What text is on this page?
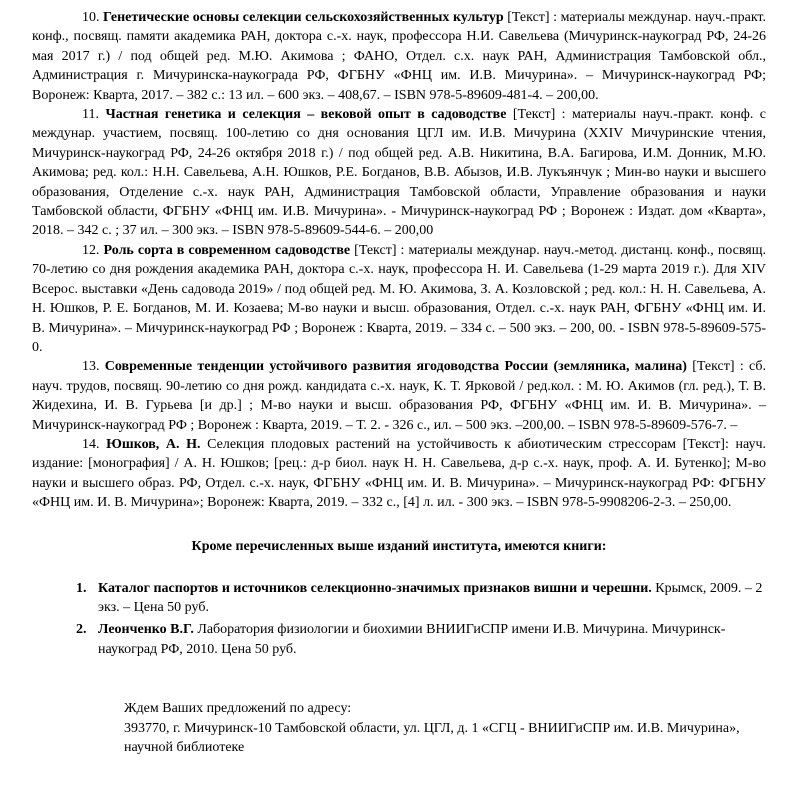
10. Генетические основы селекции сельскохозяйственных культур [Текст] : материалы междунар. науч.-практ. конф., посвящ. памяти академика РАН, доктора с.-х. наук, профессора Н.И. Савельева (Мичуринск-наукоград РФ, 24-26 мая 2017 г.) / под общей ред. М.Ю. Акимова ; ФАНО, Отдел. с.х. наук РАН, Администрация Тамбовской обл., Администрация г. Мичуринска-наукограда РФ, ФГБНУ «ФНЦ им. И.В. Мичурина». – Мичуринск-наукоград РФ; Воронеж: Кварта, 2017. – 382 с.: 13 ил. – 600 экз. – 408,67. – ISBN 978-5-89609-481-4. – 200,00.

11. Частная генетика и селекция – вековой опыт в садоводстве [Текст] : материалы науч.-практ. конф. с междунар. участием, посвящ. 100-летию со дня основания ЦГЛ им. И.В. Мичурина (XXIV Мичуринские чтения, Мичуринск-наукоград РФ, 24-26 октября 2018 г.) / под общей ред. А.В. Никитина, В.А. Багирова, И.М. Донник, М.Ю. Акимова; ред. кол.: Н.Н. Савельева, А.Н. Юшков, Р.Е. Богданов, В.В. Абызов, И.В. Лукъянчук ; Мин-во науки и высшего образования, Отделение с.-х. наук РАН, Администрация Тамбовской области, Управление образования и науки Тамбовской области, ФГБНУ «ФНЦ им. И.В. Мичурина». - Мичуринск-наукоград РФ ; Воронеж : Издат. дом «Кварта», 2018. – 342 с. ; 37 ил. – 300 экз. – ISBN 978-5-89609-544-6. – 200,00

12. Роль сорта в современном садоводстве [Текст] : материалы междунар. науч.-метод. дистанц. конф., посвящ. 70-летию со дня рождения академика РАН, доктора с.-х. наук, профессора Н. И. Савельева (1-29 марта 2019 г.). Для XIV Всерос. выставки «День садовода 2019» / под общей ред. М. Ю. Акимова, З. А. Козловской ; ред. кол.: Н. Н. Савельева, А. Н. Юшков, Р. Е. Богданов, М. И. Козаева; М-во науки и высш. образования, Отдел. с.-х. наук РАН, ФГБНУ «ФНЦ им. И. В. Мичурина». – Мичуринск-наукоград РФ ; Воронеж : Кварта, 2019. – 334 с. – 500 экз. – 200, 00. - ISBN 978-5-89609-575-0.

13. Современные тенденции устойчивого развития ягодоводства России (земляника, малина) [Текст] : сб. науч. трудов, посвящ. 90-летию со дня рожд. кандидата с.-х. наук, К. Т. Ярковой / ред.кол. : М. Ю. Акимов (гл. ред.), Т. В. Жидехина, И. В. Гурьева [и др.] ; М-во науки и высш. образования РФ, ФГБНУ «ФНЦ им. И. В. Мичурина». – Мичуринск-наукоград РФ ; Воронеж : Кварта, 2019. – Т. 2. - 326 с., ил. – 500 экз. –200,00. – ISBN 978-5-89609-576-7. –

14. Юшков, А. Н. Селекция плодовых растений на устойчивость к абиотическим стрессорам [Текст]: науч. издание: [монография] / А. Н. Юшков; [рец.: д-р биол. наук Н. Н. Савельева, д-р с.-х. наук, проф. А. И. Бутенко]; М-во науки и высшего образ. РФ, Отдел. с.-х. наук, ФГБНУ «ФНЦ им. И. В. Мичурина». – Мичуринск-наукоград РФ: ФГБНУ «ФНЦ им. И. В. Мичурина»; Воронеж: Кварта, 2019. – 332 с., [4] л. ил. - 300 экз. – ISBN 978-5-9908206-2-3. – 250,00.

Кроме перечисленных выше изданий института, имеются книги:

1. Каталог паспортов и источников селекционно-значимых признаков вишни и черешни. Крымск, 2009. – 2 экз. – Цена 50 руб.
2. Леонченко В.Г. Лаборатория физиологии и биохимии ВНИИГиСПР имени И.В. Мичурина. Мичуринск-наукоград РФ, 2010. Цена 50 руб.
Ждем Ваших предложений по адресу:
393770, г. Мичуринск-10 Тамбовской области, ул. ЦГЛ, д. 1 «СГЦ - ВНИИГиСПР им. И.В. Мичурина», научной библиотеке
